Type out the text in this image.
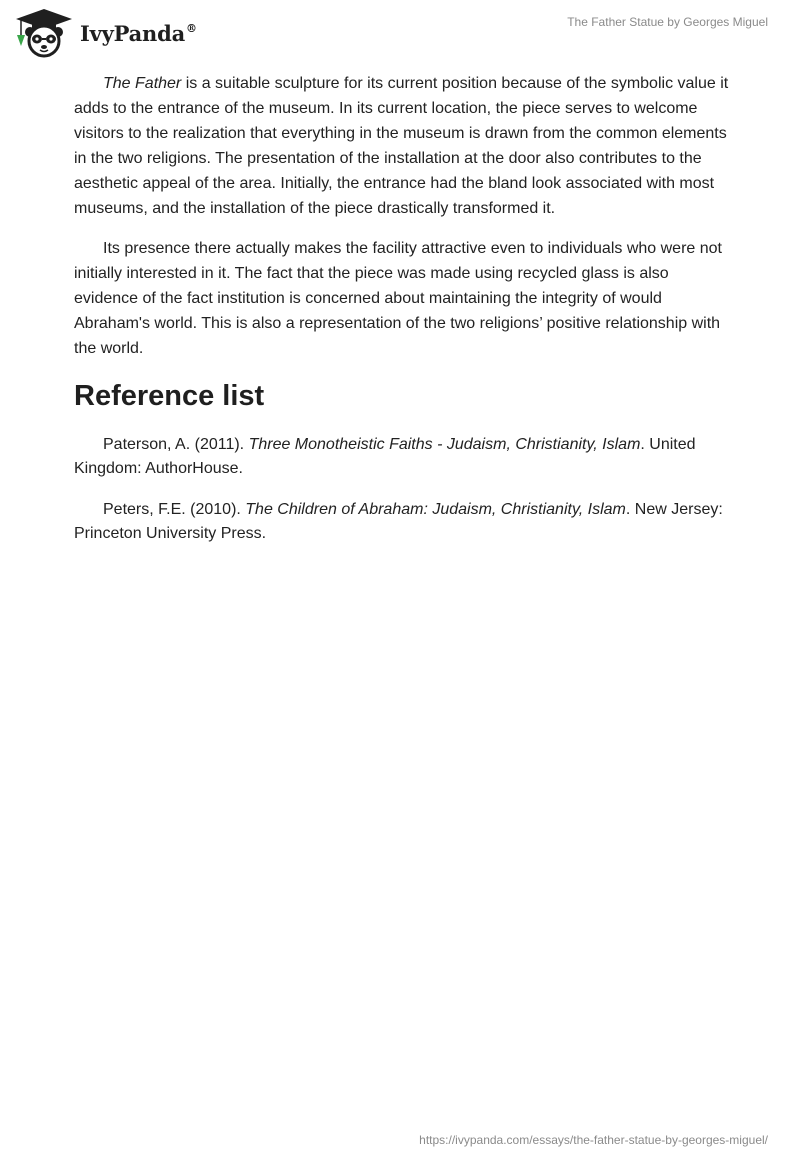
IvyPanda®	The Father Statue by Georges Miguel

The Father is a suitable sculpture for its current position because of the symbolic value it adds to the entrance of the museum. In its current location, the piece serves to welcome visitors to the realization that everything in the museum is drawn from the common elements in the two religions. The presentation of the installation at the door also contributes to the aesthetic appeal of the area. Initially, the entrance had the bland look associated with most museums, and the installation of the piece drastically transformed it.

Its presence there actually makes the facility attractive even to individuals who were not initially interested in it. The fact that the piece was made using recycled glass is also evidence of the fact institution is concerned about maintaining the integrity of would Abraham's world. This is also a representation of the two religions’ positive relationship with the world.

Reference list

Paterson, A. (2011). Three Monotheistic Faiths - Judaism, Christianity, Islam. United Kingdom: AuthorHouse.

Peters, F.E. (2010). The Children of Abraham: Judaism, Christianity, Islam. New Jersey: Princeton University Press.

https://ivypanda.com/essays/the-father-statue-by-georges-miguel/
